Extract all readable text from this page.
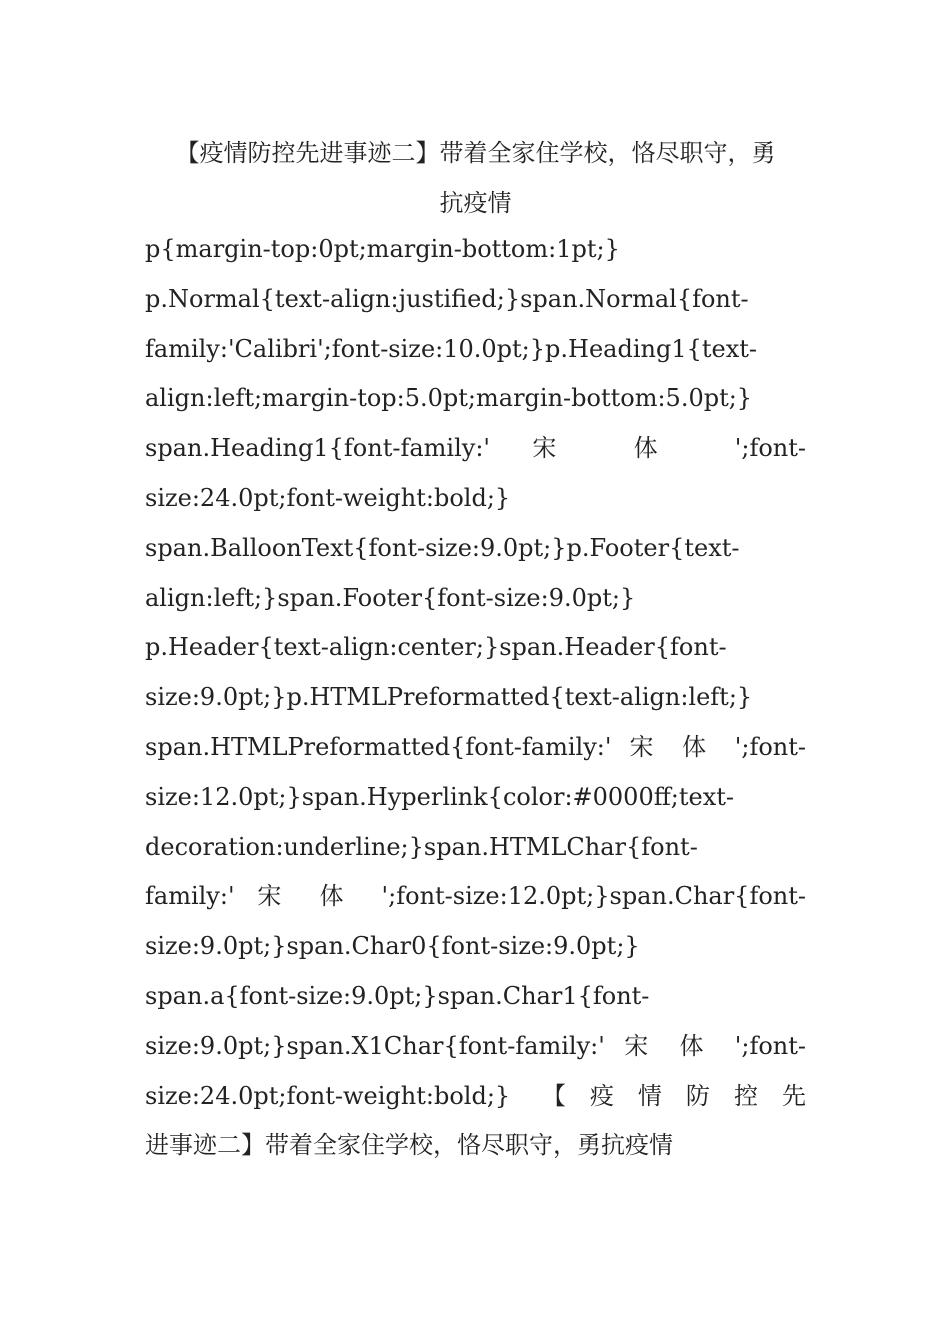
【疫情防控先进事迹二】带着全家住学校，恪尽职守，勇
抗疫情
p{margin-top:0pt;margin-bottom:1pt;}
p.Normal{text-align:justified;}span.Normal{font-
family:'Calibri';font-size:10.0pt;}p.Heading1{text-
align:left;margin-top:5.0pt;margin-bottom:5.0pt;}
span.Heading1{font-family:' 宋 体 ';font-
size:24.0pt;font-weight:bold;}
span.BalloonText{font-size:9.0pt;}p.Footer{text-
align:left;}span.Footer{font-size:9.0pt;}
p.Header{text-align:center;}span.Header{font-
size:9.0pt;}p.HTMLPreformatted{text-align:left;}
span.HTMLPreformatted{font-family:' 宋 体 ';font-
size:12.0pt;}span.Hyperlink{color:#0000ff;text-
decoration:underline;}span.HTMLChar{font-
family:' 宋 体 ';font-size:12.0pt;}span.Char{font-
size:9.0pt;}span.Char0{font-size:9.0pt;}
span.a{font-size:9.0pt;}span.Char1{font-
size:9.0pt;}span.X1Char{font-family:' 宋 体 ';font-
size:24.0pt;font-weight:bold;} 【疫情防控先
进事迹二】带着全家住学校，恪尽职守，勇抗疫情
